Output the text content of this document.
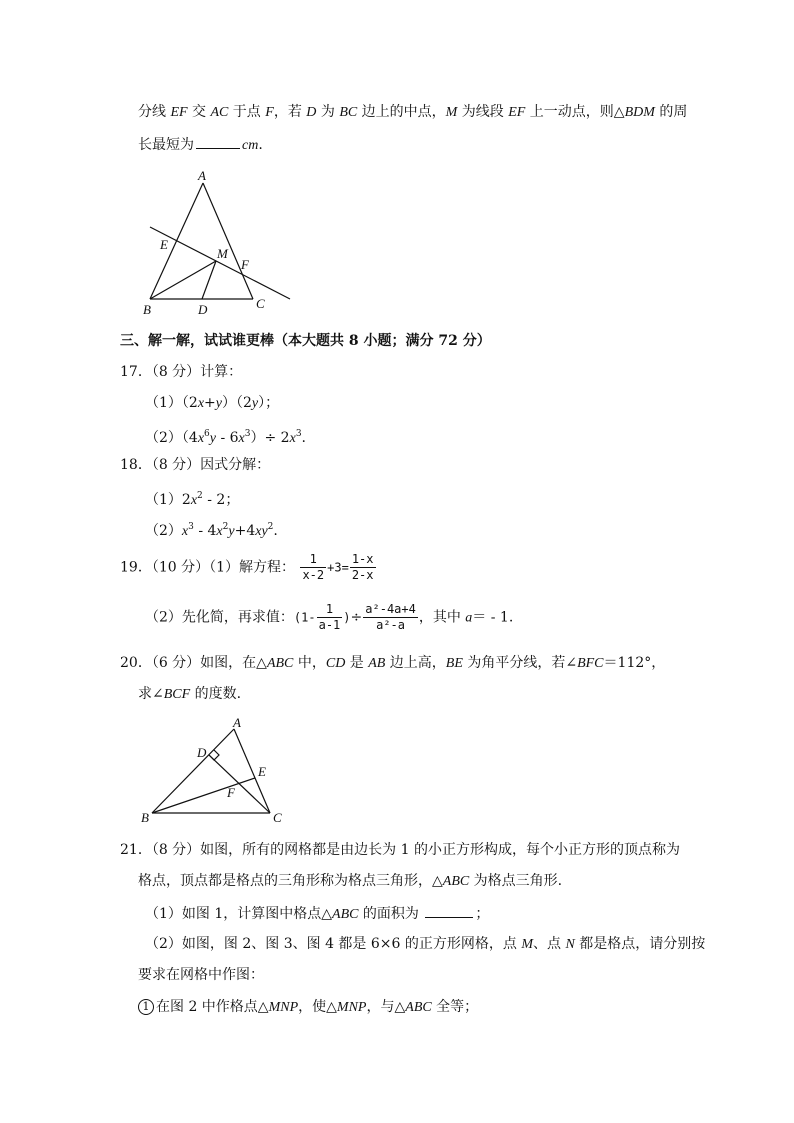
分线 EF 交 AC 于点 F，若 D 为 BC 边上的中点，M 为线段 EF 上一动点，则△BDM 的周
长最短为	cm.
A
E
M
F
B	D	C
三、解一解，试试谁更棒（本大题共 8 小题；满分 72 分）
17．（8 分）计算：
（1）（2x+y）（2y）；
$(2)(4x^6y - 6x^3)\div 2x^3$.
18．（8 分）因式分解：
$(1)2x^2 - 2$；
$(2)x^3 - 4x^2y+4xy^2$.
19．（10 分）（1）解方程： $\frac{1}{x-2} +3= \frac{1-x}{2-x}$
（2）先化简，再求值：($1- \frac{1}{a-1}$ )÷ $\frac{\text{a²-4a+4}}{\text{a²-a}}$ ，其中 a＝ - 1.
20．（6 分）如图，在△ABC 中，CD 是 AB 边上高，BE 为角平分线，若∠BFC＝112°，
求∠BCF 的度数.
A
D
E
F
B	C
21．（8 分）如图，所有的网格都是由边长为 1 的小正方形构成，每个小正方形的顶点称为
格点，顶点都是格点的三角形称为格点三角形，△ABC 为格点三角形.
（1）如图 1，计算图中格点△ABC 的面积为	；
（2）如图，图 2、图 3、图 4 都是 6×6 的正方形网格，点 M、点 N 都是格点，请分别按
要求在网格中作图：
1 在图 2 中作格点△MNP，使△MNP，与△ABC 全等；
